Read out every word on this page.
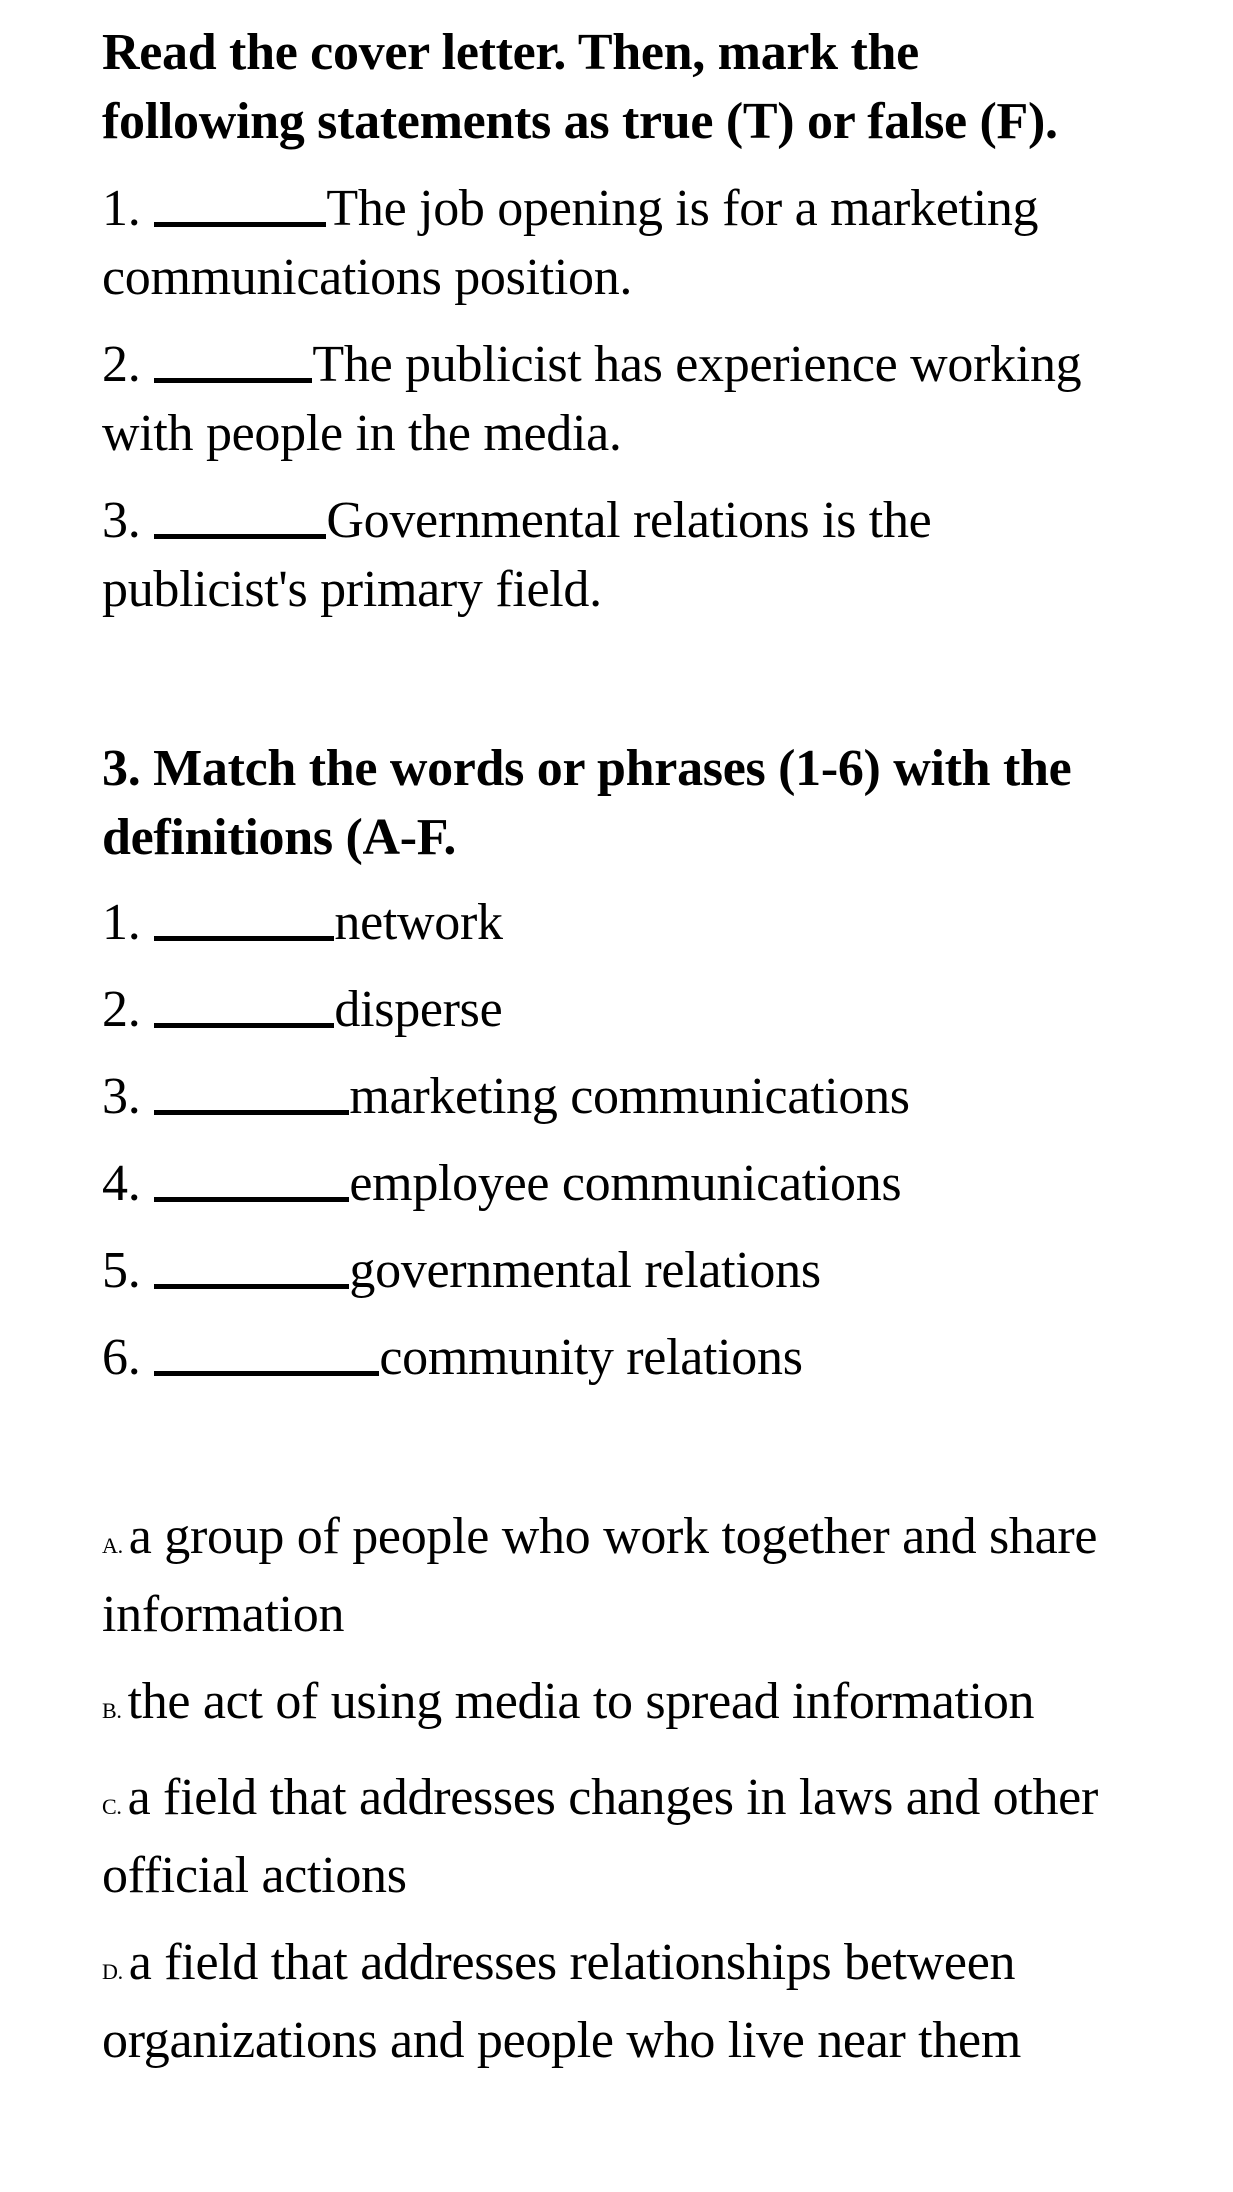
Read the cover letter. Then, mark the following statements as true (T) or false (F).

1.	The job opening is for a marketing communications position.

2.	The publicist has experience working with people in the media.

3.	Governmental relations is the publicist's primary field.

3. Match the words or phrases (1-6) with the definitions (A-F.

1.	network

2.	disperse

3.	marketing communications

4.	employee communications

5.	governmental relations

6.	community relations

A. a group of people who work together and share information

B. the act of using media to spread information

C. a field that addresses changes in laws and other official actions

D. a field that addresses relationships between organizations and people who live near them
